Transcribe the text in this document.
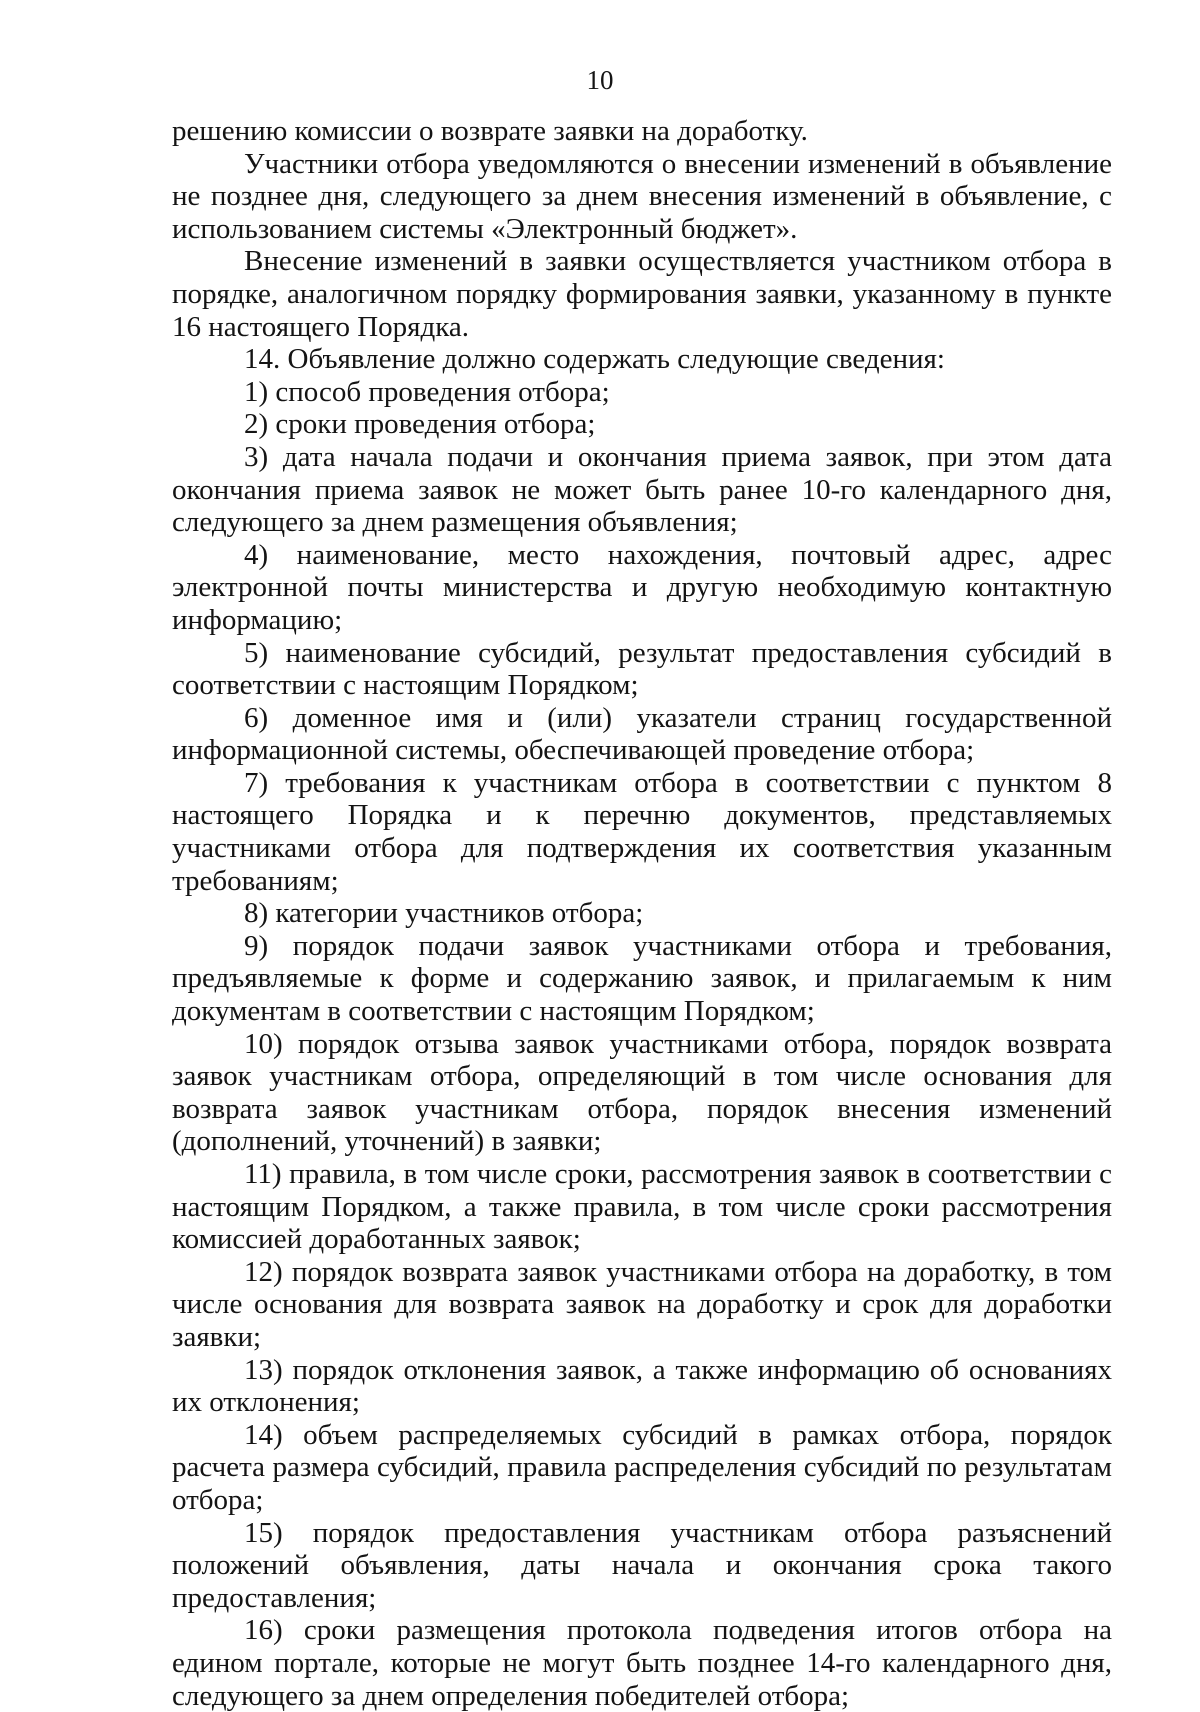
10

решению комиссии о возврате заявки на доработку.

Участники отбора уведомляются о внесении изменений в объявление не позднее дня, следующего за днем внесения изменений в объявление, с использованием системы «Электронный бюджет».

Внесение изменений в заявки осуществляется участником отбора в порядке, аналогичном порядку формирования заявки, указанному в пункте 16 настоящего Порядка.

14. Объявление должно содержать следующие сведения:

1) способ проведения отбора;

2) сроки проведения отбора;

3) дата начала подачи и окончания приема заявок, при этом дата окончания приема заявок не может быть ранее 10-го календарного дня, следующего за днем размещения объявления;

4) наименование, место нахождения, почтовый адрес, адрес электронной почты министерства и другую необходимую контактную информацию;

5) наименование субсидий, результат предоставления субсидий в соответствии с настоящим Порядком;

6) доменное имя и (или) указатели страниц государственной информационной системы, обеспечивающей проведение отбора;

7) требования к участникам отбора в соответствии с пунктом 8 настоящего Порядка и к перечню документов, представляемых участниками отбора для подтверждения их соответствия указанным требованиям;

8) категории участников отбора;

9) порядок подачи заявок участниками отбора и требования, предъявляемые к форме и содержанию заявок, и прилагаемым к ним документам в соответствии с настоящим Порядком;

10) порядок отзыва заявок участниками отбора, порядок возврата заявок участникам отбора, определяющий в том числе основания для возврата заявок участникам отбора, порядок внесения изменений (дополнений, уточнений) в заявки;

11) правила, в том числе сроки, рассмотрения заявок в соответствии с настоящим Порядком, а также правила, в том числе сроки рассмотрения комиссией доработанных заявок;

12) порядок возврата заявок участниками отбора на доработку, в том числе основания для возврата заявок на доработку и срок для доработки заявки;

13) порядок отклонения заявок, а также информацию об основаниях их отклонения;

14) объем распределяемых субсидий в рамках отбора, порядок расчета размера субсидий, правила распределения субсидий по результатам отбора;

15) порядок предоставления участникам отбора разъяснений положений объявления, даты начала и окончания срока такого предоставления;

16) сроки размещения протокола подведения итогов отбора на едином портале, которые не могут быть позднее 14-го календарного дня, следующего за днем определения победителей отбора;
